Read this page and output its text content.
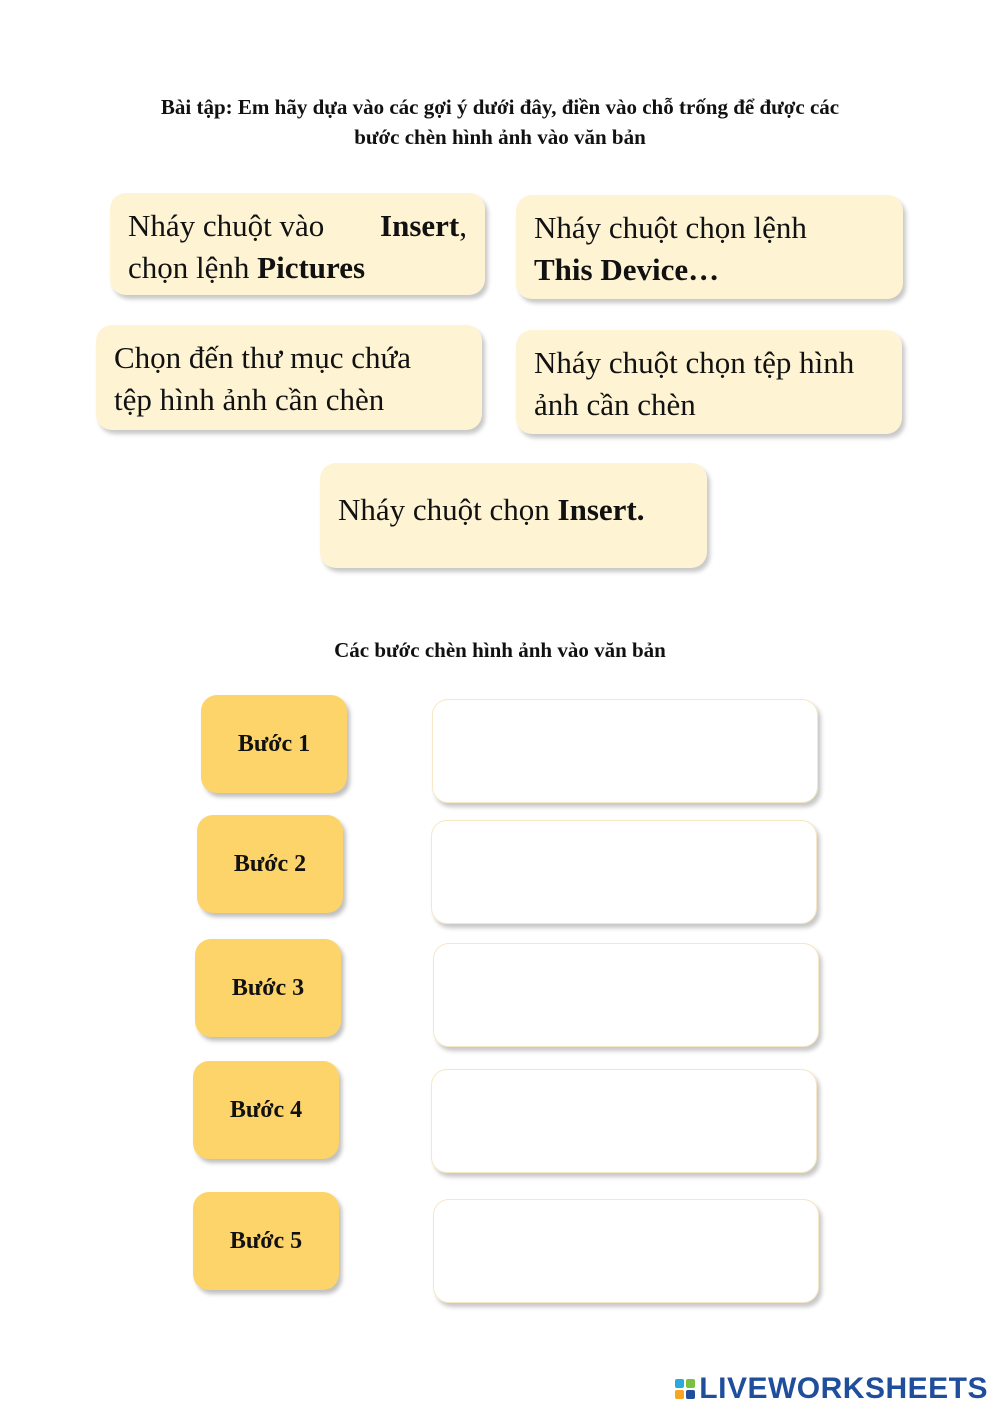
Bài tập: Em hãy dựa vào các gợi ý dưới đây, điền vào chỗ trống để được các
bước chèn hình ảnh vào văn bản
Nháy chuột vào Insert,
chọn lệnh Pictures
Nháy chuột chọn lệnh
This Device…
Chọn đến thư mục chứa
tệp hình ảnh cần chèn
Nháy chuột chọn tệp hình
ảnh cần chèn
Nháy chuột chọn Insert.
Các bước chèn hình ảnh vào văn bản
Bước 1
Bước 2
Bước 3
Bước 4
Bước 5
LIVEWORKSHEETS
